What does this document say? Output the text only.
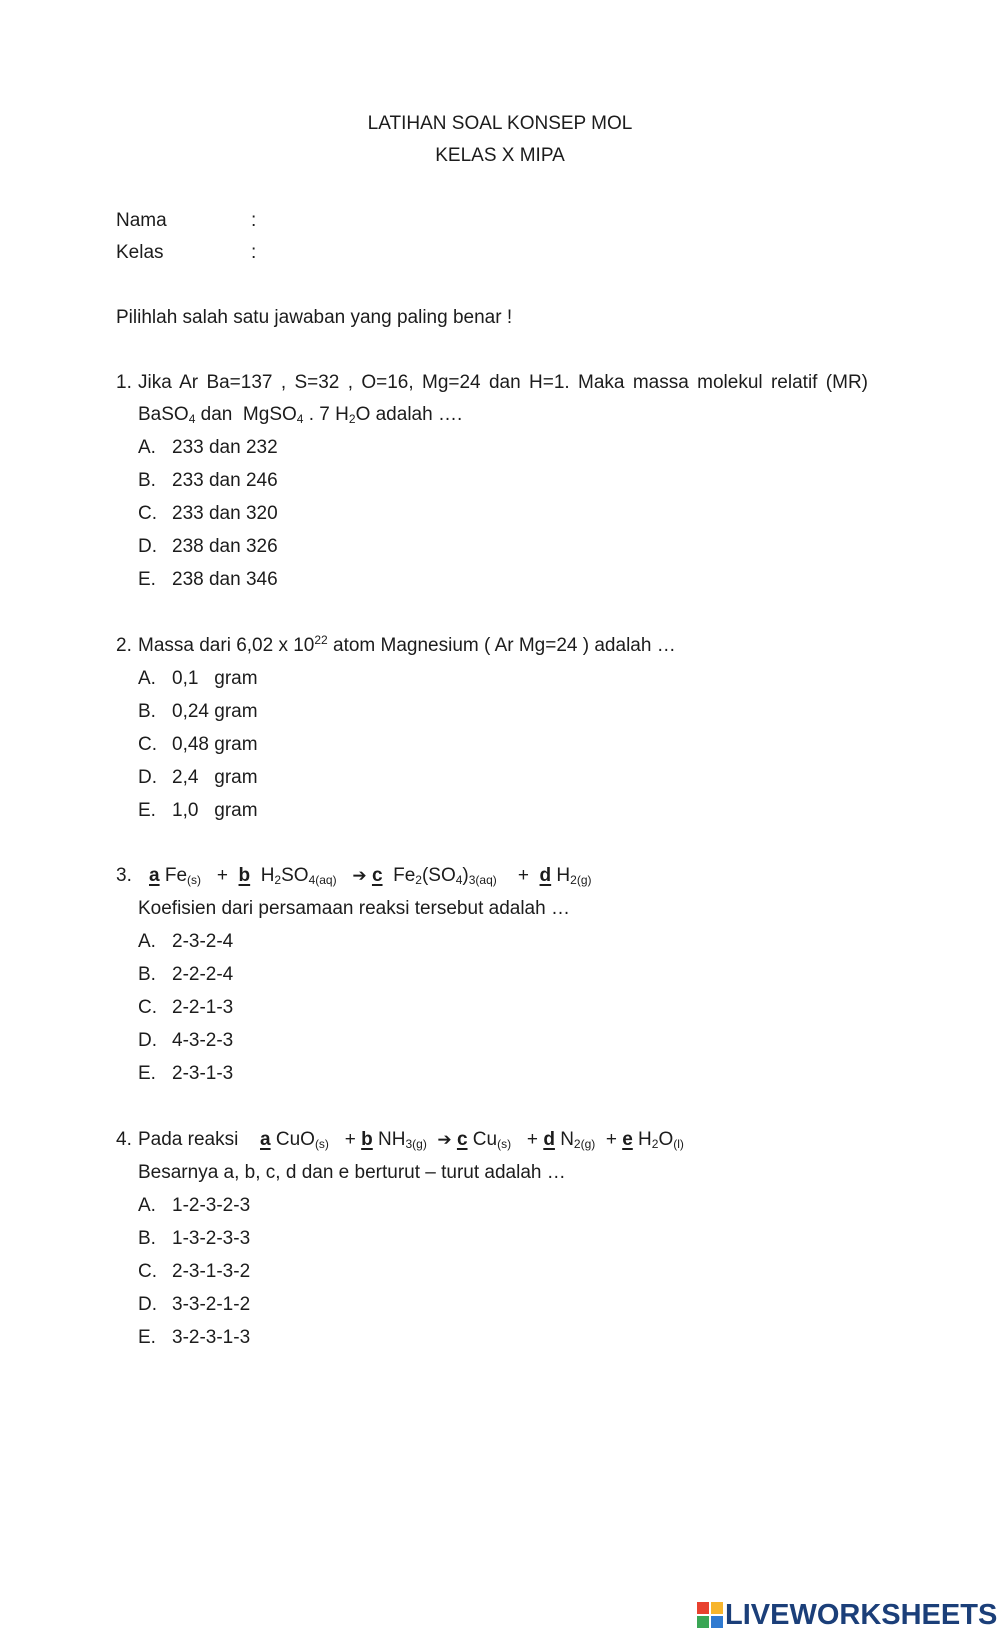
LATIHAN SOAL KONSEP MOL
KELAS X MIPA
Nama	:
Kelas	:
Pilihlah salah satu jawaban yang paling benar !
1. Jika Ar Ba=137 , S=32 , O=16, Mg=24 dan H=1. Maka massa molekul relatif (MR)
BaSO$_4$ dan  MgSO$_4$ . 7 $H_2O$ adalah ….
A. 233 dan 232
B. 233 dan 246
C. 233 dan 320
D. 238 dan 326
E. 238 dan 346
2. Massa dari 6,02 x $10^{22}$ atom Magnesium ( Ar Mg=24 ) adalah …
A. 0,1   gram
B. 0,24 gram
C. 0,48 gram
D. 2,4   gram
E. 1,0   gram
3. a $Fe_{(s)} + b$  $H_2SO_{4(aq)}$ ➔ c  $Fe_2(SO_4)_{3(aq)}$    +  d $H_{2(g)}$
Koefisien dari persamaan reaksi tersebut adalah …
A. 2-3-2-4
B. 2-2-2-4
C. 2-2-1-3
D. 4-3-2-3
E. 2-3-1-3
4. Pada reaksi a CuO$_{(s)}$   + b $NH_{3(g)}$ ➔ c $Cu_{(s)} + d$ $N_{2(g)} + e$ $H_2O_{(l)}$
Besarnya a, b, c, d dan e berturut – turut adalah …
A. 1-2-3-2-3
B. 1-3-2-3-3
C. 2-3-1-3-2
D. 3-3-2-1-2
E. 3-2-3-1-3
LIVEWORKSHEETS
